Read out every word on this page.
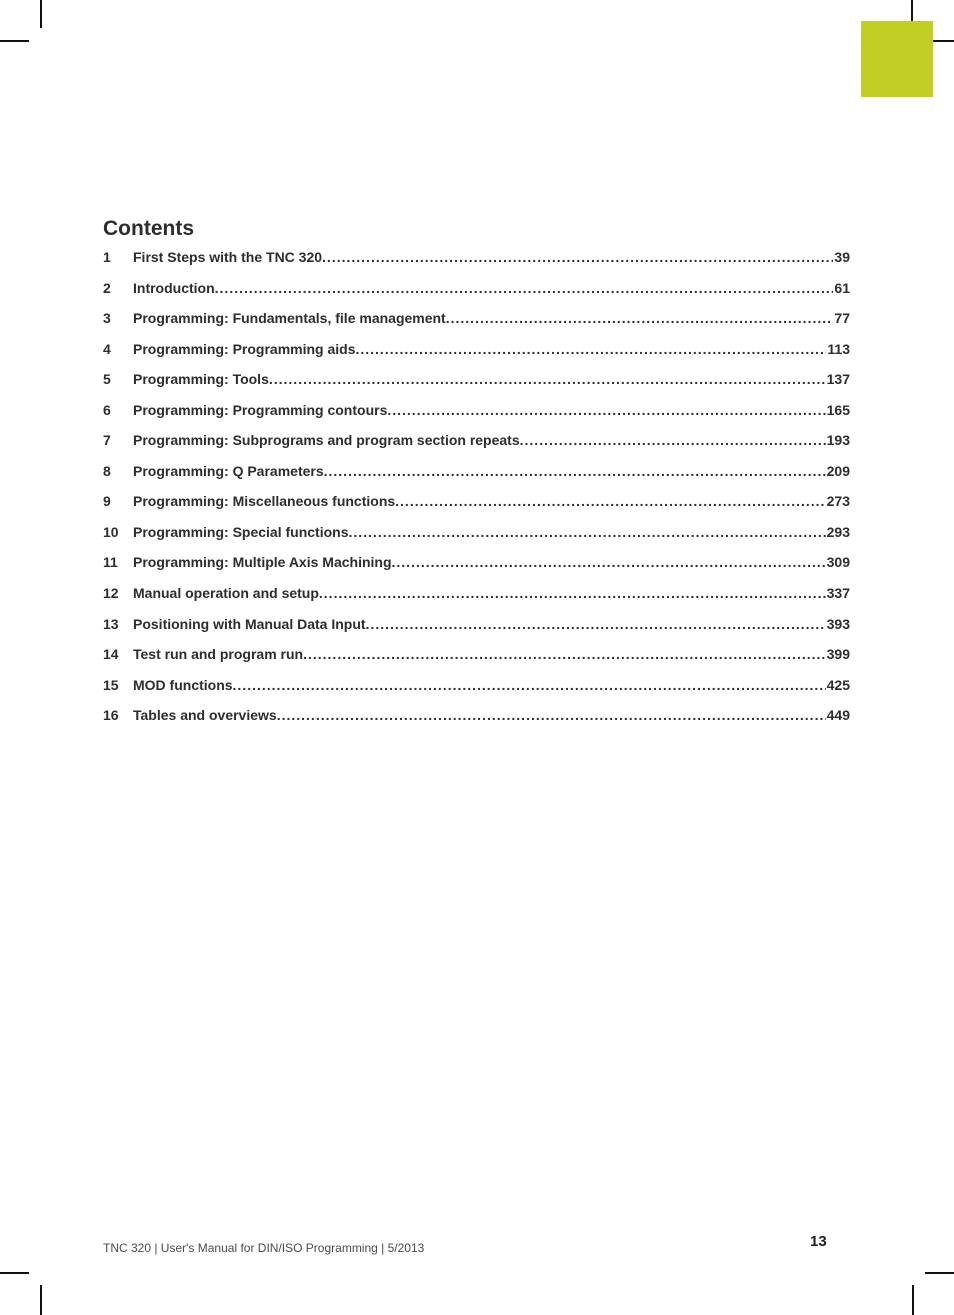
Contents
1	First Steps with the TNC 320 .....	39
2	Introduction .....	61
3	Programming: Fundamentals, file management .....	77
4	Programming: Programming aids .....	113
5	Programming: Tools .....	137
6	Programming: Programming contours .....	165
7	Programming: Subprograms and program section repeats .....	193
8	Programming: Q Parameters .....	209
9	Programming: Miscellaneous functions .....	273
10	Programming: Special functions .....	293
11	Programming: Multiple Axis Machining .....	309
12	Manual operation and setup .....	337
13	Positioning with Manual Data Input .....	393
14	Test run and program run .....	399
15	MOD functions .....	425
16	Tables and overviews .....	449
TNC 320 | User's Manual for DIN/ISO Programming | 5/2013	13
